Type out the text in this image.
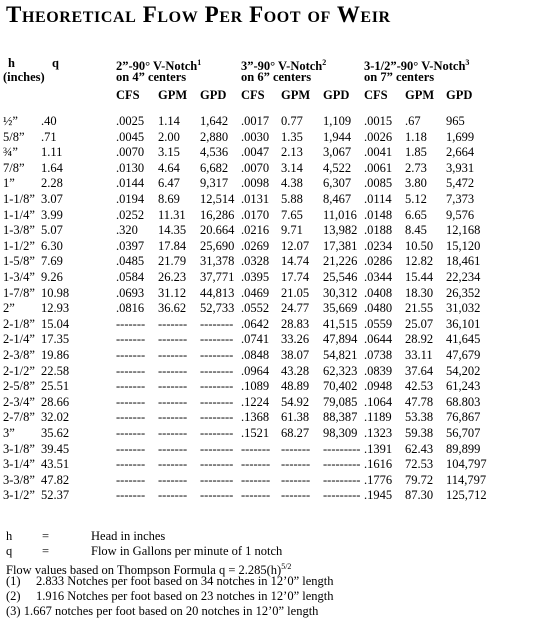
Theoretical Flow Per Foot of Weir
h	q
(inches)
2”-90° V-Notch$^1$
on 4” centers
3”-90° V-Notch$^2$
on 6” centers
3-1/2”-90° V-Notch$^3$
on 7” centers
CFS GPM GPD CFS GPM GPD CFS GPM GPD
½” .40	.0025 1.14 1,642 .0017 0.77 1,109 .0015 .67 965
5/8” .71	.0045 2.00 2,880 .0030 1.35 1,944 .0026 1.18 1,699
¾” 1.11	.0070 3.15 4,536 .0047 2.13 3,067 .0041 1.85 2,664
7/8” 1.64	.0130 4.64 6,682 .0070 3.14 4,522 .0061 2.73 3,931
1” 2.28	.0144 6.47 9,317 .0098 4.38 6,307 .0085 3.80 5,472
1-1/8” 3.07	.0194 8.69 12,514 .0131 5.88 8,467 .0114 5.12 7,373
1-1/4” 3.99	.0252 11.31 16,286 .0170 7.65 11,016 .0148 6.65 9,576
1-3/8” 5.07	.320 14.35 20.664 .0216 9.71 13,982 .0188 8.45 12,168
1-1/2” 6.30	.0397 17.84 25,690 .0269 12.07 17,381 .0234 10.50 15,120
1-5/8” 7.69	.0485 21.79 31,378 .0328 14.74 21,226 .0286 12.82 18,461
1-3/4” 9.26	.0584 26.23 37,771 .0395 17.74 25,546 .0344 15.44 22,234
1-7/8” 10.98	.0693 31.12 44,813 .0469 21.05 30,312 .0408 18.30 26,352
2” 12.93	.0816 36.62 52,733 .0552 24.77 35,669 .0480 21.55 31,032
2-1/8” 15.04	------- ------- -------- .0642 28.83 41,515 .0559 25.07 36,101
2-1/4” 17.35	------- ------- -------- .0741 33.26 47,894 .0644 28.92 41,645
2-3/8” 19.86	------- ------- -------- .0848 38.07 54,821 .0738 33.11 47,679
2-1/2” 22.58	------- ------- -------- .0964 43.28 62,323 .0839 37.64 54,202
2-5/8” 25.51	------- ------- -------- .1089 48.89 70,402 .0948 42.53 61,243
2-3/4” 28.66	------- ------- -------- .1224 54.92 79,085 .1064 47.78 68.803
2-7/8” 32.02	------- ------- -------- .1368 61.38 88,387 .1189 53.38 76,867
3” 35.62	------- ------- -------- .1521 68.27 98,309 .1323 59.38 56,707
3-1/8” 39.45	------- ------- -------- ------- ------- --------- .1391 62.43 89,899
3-1/4” 43.51	------- ------- -------- ------- ------- --------- .1616 72.53 104,797
3-3/8” 47.82	------- ------- -------- ------- ------- --------- .1776 79.72 114,797
3-1/2” 52.37	------- ------- -------- ------- ------- --------- .1945 87.30 125,712
h =	Head in inches
q =	Flow in Gallons per minute of 1 notch
Flow values based on Thompson Formula $q = 2.285(h)^{5/2}$
(1) 2.833 Notches per foot based on 34 notches in 12’0” length
(2) 1.916 Notches per foot based on 23 notches in 12’0” length
(3) 1.667 notches per foot based on 20 notches in 12’0” length
